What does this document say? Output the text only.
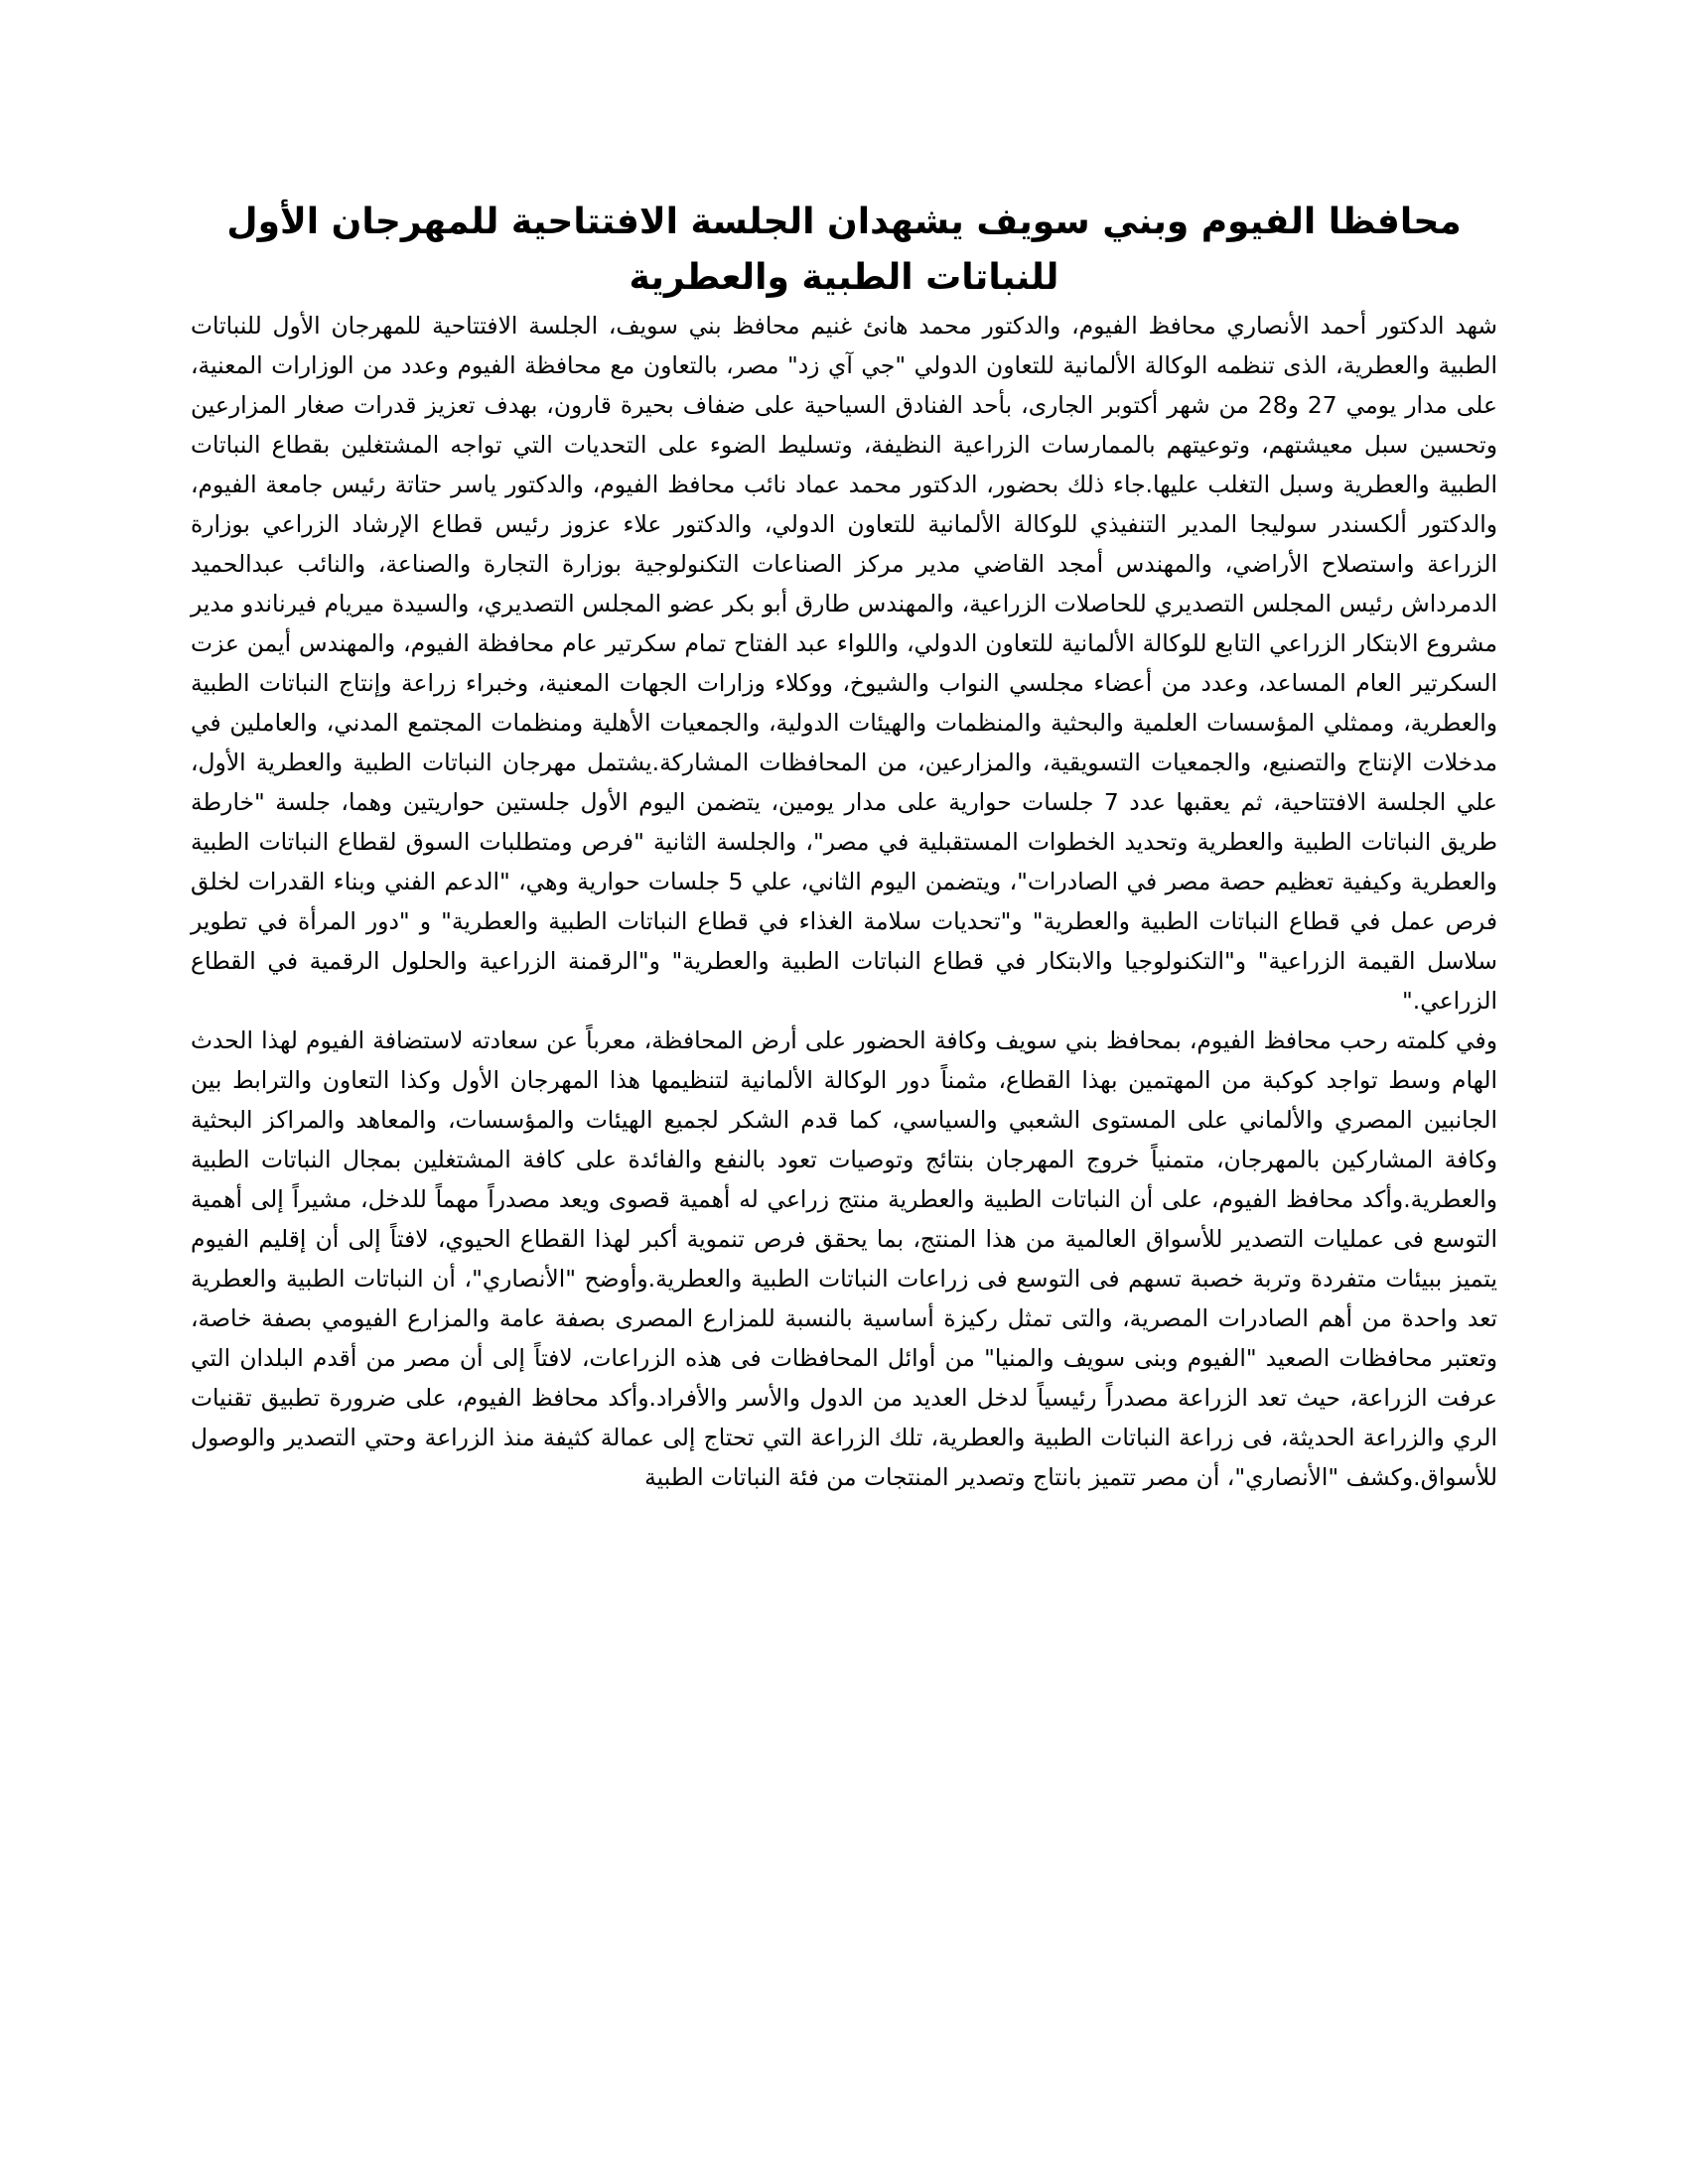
محافظا الفيوم وبني سويف يشهدان الجلسة الافتتاحية للمهرجان الأول للنباتات الطبية والعطرية
شهد الدكتور أحمد الأنصاري محافظ الفيوم، والدكتور محمد هانئ غنيم محافظ بني سويف، الجلسة الافتتاحية للمهرجان الأول للنباتات الطبية والعطرية، الذى تنظمه الوكالة الألمانية للتعاون الدولي "جي آي زد" مصر، بالتعاون مع محافظة الفيوم وعدد من الوزارات المعنية، على مدار يومي 27 و28 من شهر أكتوبر الجارى، بأحد الفنادق السياحية على ضفاف بحيرة قارون، بهدف تعزيز قدرات صغار المزارعين وتحسين سبل معيشتهم، وتوعيتهم بالممارسات الزراعية النظيفة، وتسليط الضوء على التحديات التي تواجه المشتغلين بقطاع النباتات الطبية والعطرية وسبل التغلب عليها.جاء ذلك بحضور، الدكتور محمد عماد نائب محافظ الفيوم، والدكتور ياسر حتاتة رئيس جامعة الفيوم، والدكتور ألكسندر سوليجا المدير التنفيذي للوكالة الألمانية للتعاون الدولي، والدكتور علاء عزوز رئيس قطاع الإرشاد الزراعي بوزارة الزراعة واستصلاح الأراضي، والمهندس أمجد القاضي مدير مركز الصناعات التكنولوجية بوزارة التجارة والصناعة، والنائب عبدالحميد الدمرداش رئيس المجلس التصديري للحاصلات الزراعية، والمهندس طارق أبو بكر عضو المجلس التصديري، والسيدة ميريام فيرناندو مدير مشروع الابتكار الزراعي التابع للوكالة الألمانية للتعاون الدولي، واللواء عبد الفتاح تمام سكرتير عام محافظة الفيوم، والمهندس أيمن عزت السكرتير العام المساعد، وعدد من أعضاء مجلسي النواب والشيوخ، ووكلاء وزارات الجهات المعنية، وخبراء زراعة وإنتاج النباتات الطبية والعطرية، وممثلي المؤسسات العلمية والبحثية والمنظمات والهيئات الدولية، والجمعيات الأهلية ومنظمات المجتمع المدني، والعاملين في مدخلات الإنتاج والتصنيع، والجمعيات التسويقية، والمزارعين، من المحافظات المشاركة.يشتمل مهرجان النباتات الطبية والعطرية الأول، علي الجلسة الافتتاحية، ثم يعقبها عدد 7 جلسات حوارية على مدار يومين، يتضمن اليوم الأول جلستين حواريتين وهما، جلسة "خارطة طريق النباتات الطبية والعطرية وتحديد الخطوات المستقبلية في مصر"، والجلسة الثانية "فرص ومتطلبات السوق لقطاع النباتات الطبية والعطرية وكيفية تعظيم حصة مصر في الصادرات"، ويتضمن اليوم الثاني، علي 5 جلسات حوارية وهي، "الدعم الفني وبناء القدرات لخلق فرص عمل في قطاع النباتات الطبية والعطرية" و"تحديات سلامة الغذاء في قطاع النباتات الطبية والعطرية" و "دور المرأة في تطوير سلاسل القيمة الزراعية" و"التكنولوجيا والابتكار في قطاع النباتات الطبية والعطرية" و"الرقمنة الزراعية والحلول الرقمية في القطاع الزراعي."
وفي كلمته رحب محافظ الفيوم، بمحافظ بني سويف وكافة الحضور على أرض المحافظة، معرباً عن سعادته لاستضافة الفيوم لهذا الحدث الهام وسط تواجد كوكبة من المهتمين بهذا القطاع، مثمناً دور الوكالة الألمانية لتنظيمها هذا المهرجان الأول وكذا التعاون والترابط بين الجانبين المصري والألماني على المستوى الشعبي والسياسي، كما قدم الشكر لجميع الهيئات والمؤسسات، والمعاهد والمراكز البحثية وكافة المشاركين بالمهرجان، متمنياً خروج المهرجان بنتائج وتوصيات تعود بالنفع والفائدة على كافة المشتغلين بمجال النباتات الطبية والعطرية.وأكد محافظ الفيوم، على أن النباتات الطبية والعطرية منتج زراعي له أهمية قصوى ويعد مصدراً مهماً للدخل، مشيراً إلى أهمية التوسع فى عمليات التصدير للأسواق العالمية من هذا المنتج، بما يحقق فرص تنموية أكبر لهذا القطاع الحيوي، لافتاً إلى أن إقليم الفيوم يتميز ببيئات متفردة وتربة خصبة تسهم فى التوسع فى زراعات النباتات الطبية والعطرية.وأوضح "الأنصاري"، أن النباتات الطبية والعطرية تعد واحدة من أهم الصادرات المصرية، والتى تمثل ركيزة أساسية بالنسبة للمزارع المصرى بصفة عامة والمزارع الفيومي بصفة خاصة، وتعتبر محافظات الصعيد "الفيوم وبنى سويف والمنيا" من أوائل المحافظات فى هذه الزراعات، لافتاً إلى أن مصر من أقدم البلدان التي عرفت الزراعة، حيث تعد الزراعة مصدراً رئيسياً لدخل العديد من الدول والأسر والأفراد.وأكد محافظ الفيوم، على ضرورة تطبيق تقنيات الري والزراعة الحديثة، فى زراعة النباتات الطبية والعطرية، تلك الزراعة التي تحتاج إلى عمالة كثيفة منذ الزراعة وحتي التصدير والوصول للأسواق.وكشف "الأنصاري"، أن مصر تتميز بانتاج وتصدير المنتجات من فئة النباتات الطبية
